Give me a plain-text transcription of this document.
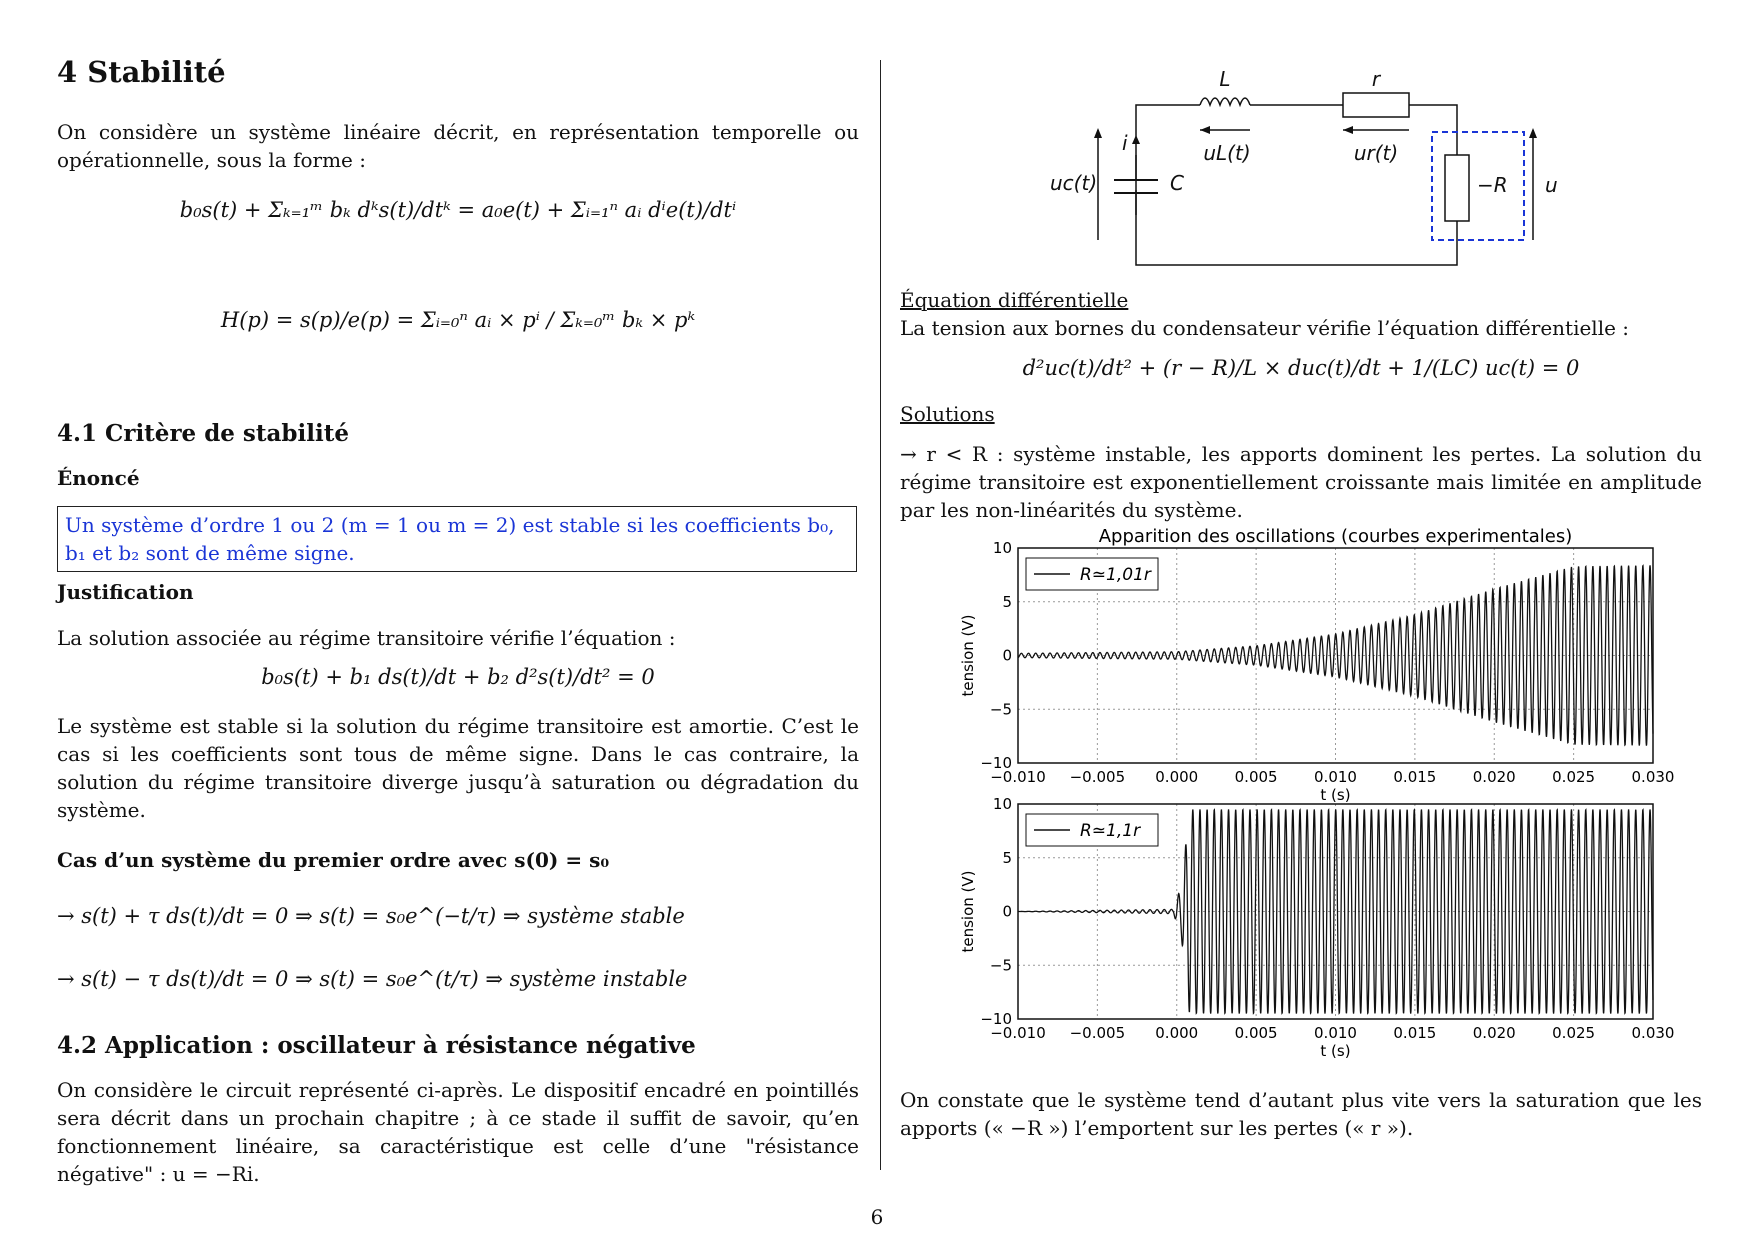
4 Stabilité
On considère un système linéaire décrit, en représentation temporelle ou opérationnelle, sous la forme :
b₀s(t) + Σₖ₌₁ᵐ bₖ dᵏs(t)/dtᵏ = a₀e(t) + Σᵢ₌₁ⁿ aᵢ dⁱe(t)/dtⁱ
H(p) = s(p)/e(p) = Σᵢ₌₀ⁿ aᵢ × pⁱ / Σₖ₌₀ᵐ bₖ × pᵏ
4.1 Critère de stabilité
Énoncé
Un système d’ordre 1 ou 2 (m = 1 ou m = 2) est stable si les coefficients b₀, b₁ et b₂ sont de même signe.
Justification
La solution associée au régime transitoire vérifie l’équation :
b₀s(t) + b₁ ds(t)/dt + b₂ d²s(t)/dt² = 0
Le système est stable si la solution du régime transitoire est amortie. C’est le cas si les coefficients sont tous de même signe. Dans le cas contraire, la solution du régime transitoire diverge jusqu’à saturation ou dégradation du système.
Cas d’un système du premier ordre avec s(0) = s₀
→ s(t) + τ ds(t)/dt = 0 ⇒ s(t) = s₀e^(−t/τ) ⇒ système stable
→ s(t) − τ ds(t)/dt = 0 ⇒ s(t) = s₀e^(t/τ) ⇒ système instable
4.2 Application : oscillateur à résistance négative
On considère le circuit représenté ci-après. Le dispositif encadré en pointillés sera décrit dans un prochain chapitre ; à ce stade il suffit de savoir, qu’en fonctionnement linéaire, sa caractéristique est celle d’une "résistance négative" : u = −Ri.
L	r
i
C
uL(t)	ur(t)
uc(t)	−R u
Équation différentielle
La tension aux bornes du condensateur vérifie l’équation différentielle :
d²uc(t)/dt² + (r − R)/L × duc(t)/dt + 1/(LC) uc(t) = 0
Solutions
→ r < R : système instable, les apports dominent les pertes. La solution du régime transitoire est exponentiellement croissante mais limitée en amplitude par les non-linéarités du système.
Apparition des oscillations (courbes experimentales)
−0.010 −0.005 0.000 0.005 0.010 0.015 0.020 0.025 0.030
10
5
0
−5
−10
R≃1,01r
t (s)
tension (V)
−0.010 −0.005 0.000 0.005 0.010 0.015 0.020 0.025 0.030
10
5
0
−5
−10
R≃1,1r
t (s)
tension (V)
On constate que le système tend d’autant plus vite vers la saturation que les apports (« −R ») l’emportent sur les pertes (« r »).
6
